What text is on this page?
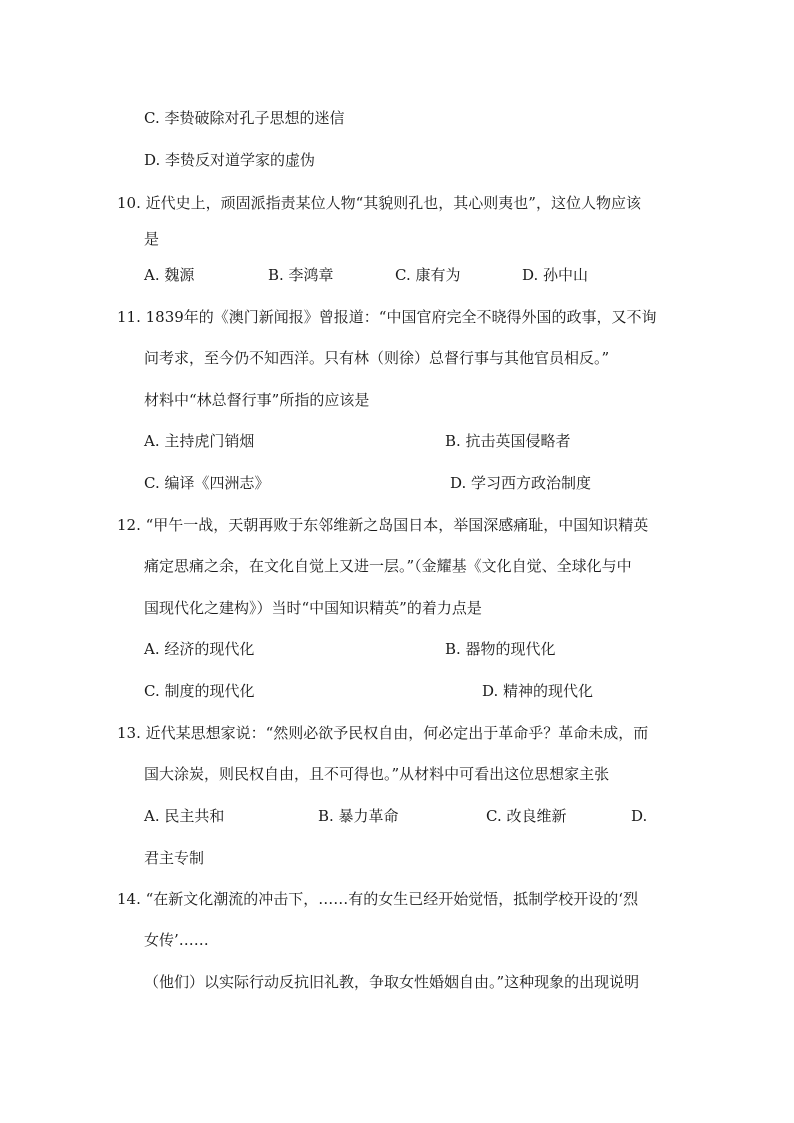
C. 李贽破除对孔子思想的迷信
D. 李贽反对道学家的虚伪
10. 近代史上，顽固派指责某位人物“其貌则孔也，其心则夷也”，这位人物应该
是
A. 魏源	B. 李鸿章	C. 康有为	D. 孙中山
11. 1839年的《澳门新闻报》曾报道：“中国官府完全不晓得外国的政事，又不询
问考求，至今仍不知西洋。只有林（则徐）总督行事与其他官员相反。”
材料中“林总督行事”所指的应该是
A. 主持虎门销烟	B. 抗击英国侵略者
C. 编译《四洲志》	D. 学习西方政治制度
12. “甲午一战，天朝再败于东邻维新之岛国日本，举国深感痛耻，中国知识精英
痛定思痛之余，在文化自觉上又进一层。”（金耀基《文化自觉、全球化与中
国现代化之建构》）当时“中国知识精英”的着力点是
A. 经济的现代化	B. 器物的现代化
C. 制度的现代化	D. 精神的现代化
13. 近代某思想家说：“然则必欲予民权自由，何必定出于革命乎？革命未成，而
国大涂炭，则民权自由，且不可得也。”从材料中可看出这位思想家主张
A. 民主共和	B. 暴力革命	C. 改良维新	D.
君主专制
14. “在新文化潮流的冲击下，……有的女生已经开始觉悟，抵制学校开设的‘烈
女传’……
（他们）以实际行动反抗旧礼教，争取女性婚姻自由。”这种现象的出现说明
